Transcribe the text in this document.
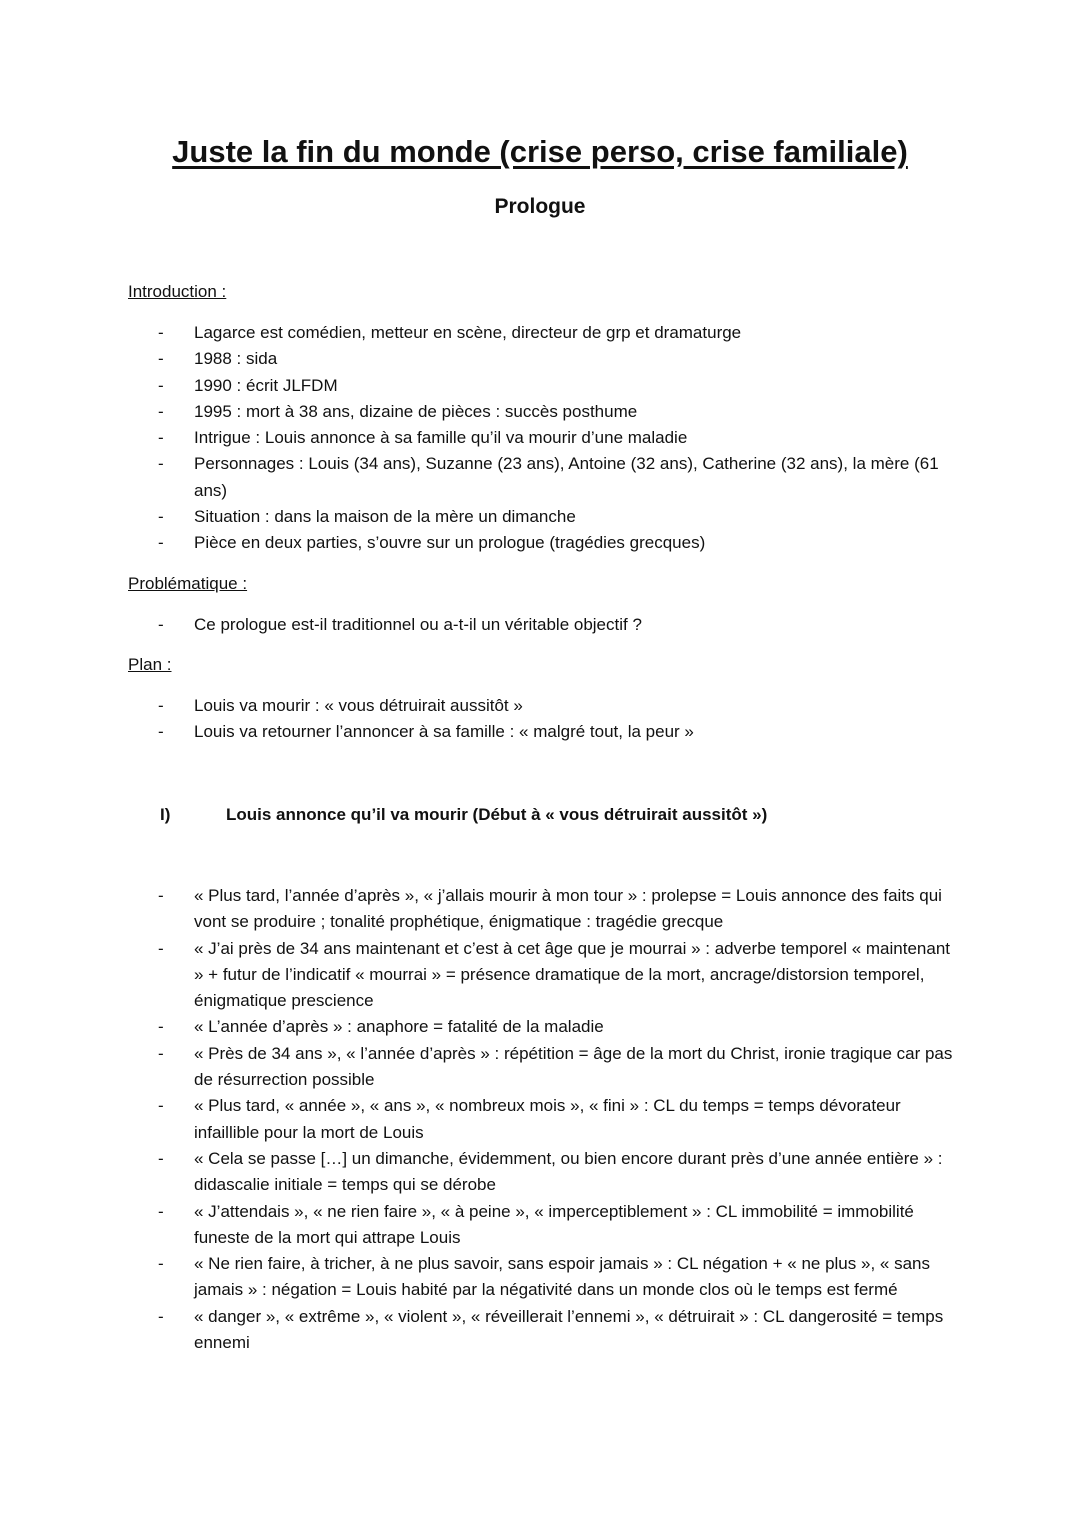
Juste la fin du monde (crise perso, crise familiale)
Prologue

Introduction :

- Lagarce est comédien, metteur en scène, directeur de grp et dramaturge
- 1988 : sida
- 1990 : écrit JLFDM
- 1995 : mort à 38 ans, dizaine de pièces : succès posthume
- Intrigue : Louis annonce à sa famille qu’il va mourir d’une maladie
- Personnages : Louis (34 ans), Suzanne (23 ans), Antoine (32 ans), Catherine (32 ans), la mère (61 ans)
- Situation : dans la maison de la mère un dimanche
- Pièce en deux parties, s’ouvre sur un prologue (tragédies grecques)

Problématique :

- Ce prologue est-il traditionnel ou a-t-il un véritable objectif ?

Plan :

- Louis va mourir : « vous détruirait aussitôt »
- Louis va retourner l’annoncer à sa famille : « malgré tout, la peur »
I)	Louis annonce qu’il va mourir (Début à « vous détruirait aussitôt »)
- « Plus tard, l’année d’après », « j’allais mourir à mon tour » : prolepse = Louis annonce des faits qui vont se produire ; tonalité prophétique, énigmatique : tragédie grecque
- « J’ai près de 34 ans maintenant et c’est à cet âge que je mourrai » : adverbe temporel « maintenant » + futur de l’indicatif « mourrai » = présence dramatique de la mort, ancrage/distorsion temporel, énigmatique prescience
- « L’année d’après » : anaphore = fatalité de la maladie
- « Près de 34 ans », « l’année d’après » : répétition = âge de la mort du Christ, ironie tragique car pas de résurrection possible
- « Plus tard, « année », « ans », « nombreux mois », « fini » : CL du temps = temps dévorateur infaillible pour la mort de Louis
- « Cela se passe […] un dimanche, évidemment, ou bien encore durant près d’une année entière » : didascalie initiale = temps qui se dérobe
- « J’attendais », « ne rien faire », « à peine », « imperceptiblement » : CL immobilité = immobilité funeste de la mort qui attrape Louis
- « Ne rien faire, à tricher, à ne plus savoir, sans espoir jamais » : CL négation + « ne plus », « sans jamais » : négation = Louis habité par la négativité dans un monde clos où le temps est fermé
- « danger », « extrême », « violent », « réveillerait l’ennemi », « détruirait » : CL dangerosité = temps ennemi
